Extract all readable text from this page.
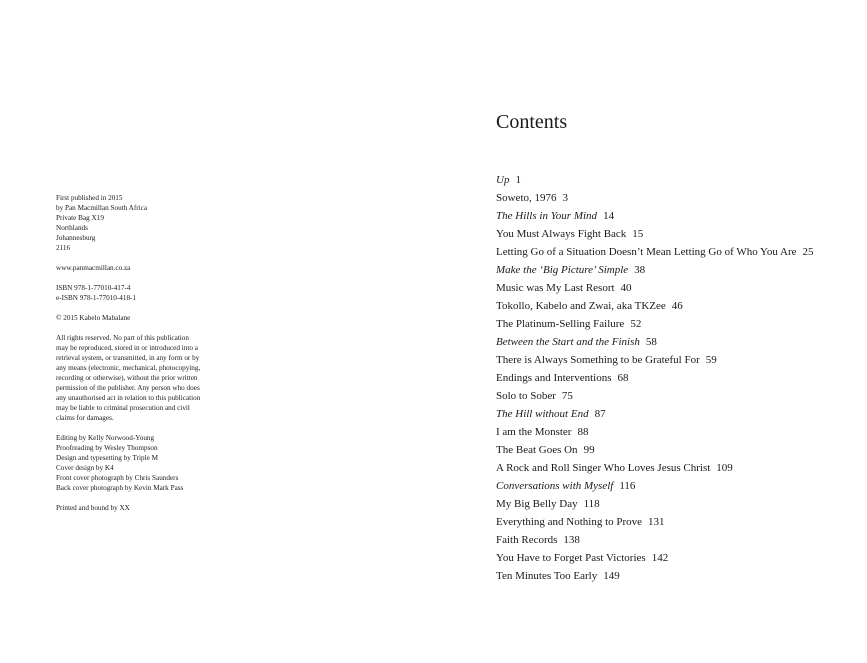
First published in 2015
by Pan Macmillan South Africa
Private Bag X19
Northlands
Johannesburg
2116
www.panmacmillan.co.za
ISBN 978-1-77010-417-4
e-ISBN 978-1-77010-418-1
© 2015 Kabelo Mabalane
All rights reserved. No part of this publication
may be reproduced, stored in or introduced into a
retrieval system, or transmitted, in any form or by
any means (electronic, mechanical, photocopying,
recording or otherwise), without the prior written
permission of the publisher. Any person who does
any unauthorised act in relation to this publication
may be liable to criminal prosecution and civil
claims for damages.
Editing by Kelly Norwood-Young
Proofreading by Wesley Thompson
Design and typesetting by Triple M
Cover design by K4
Front cover photograph by Chris Saunders
Back cover photograph by Kevin Mark Pass
Printed and bound by XX
Contents
Up 1
Soweto, 1976 3
The Hills in Your Mind 14
You Must Always Fight Back 15
Letting Go of a Situation Doesn’t Mean Letting Go of Who You Are 25
Make the ‘Big Picture’ Simple 38
Music was My Last Resort 40
Tokollo, Kabelo and Zwai, aka TKZee 46
The Platinum-Selling Failure 52
Between the Start and the Finish 58
There is Always Something to be Grateful For 59
Endings and Interventions 68
Solo to Sober 75
The Hill without End 87
I am the Monster 88
The Beat Goes On 99
A Rock and Roll Singer Who Loves Jesus Christ 109
Conversations with Myself 116
My Big Belly Day 118
Everything and Nothing to Prove 131
Faith Records 138
You Have to Forget Past Victories 142
Ten Minutes Too Early 149
